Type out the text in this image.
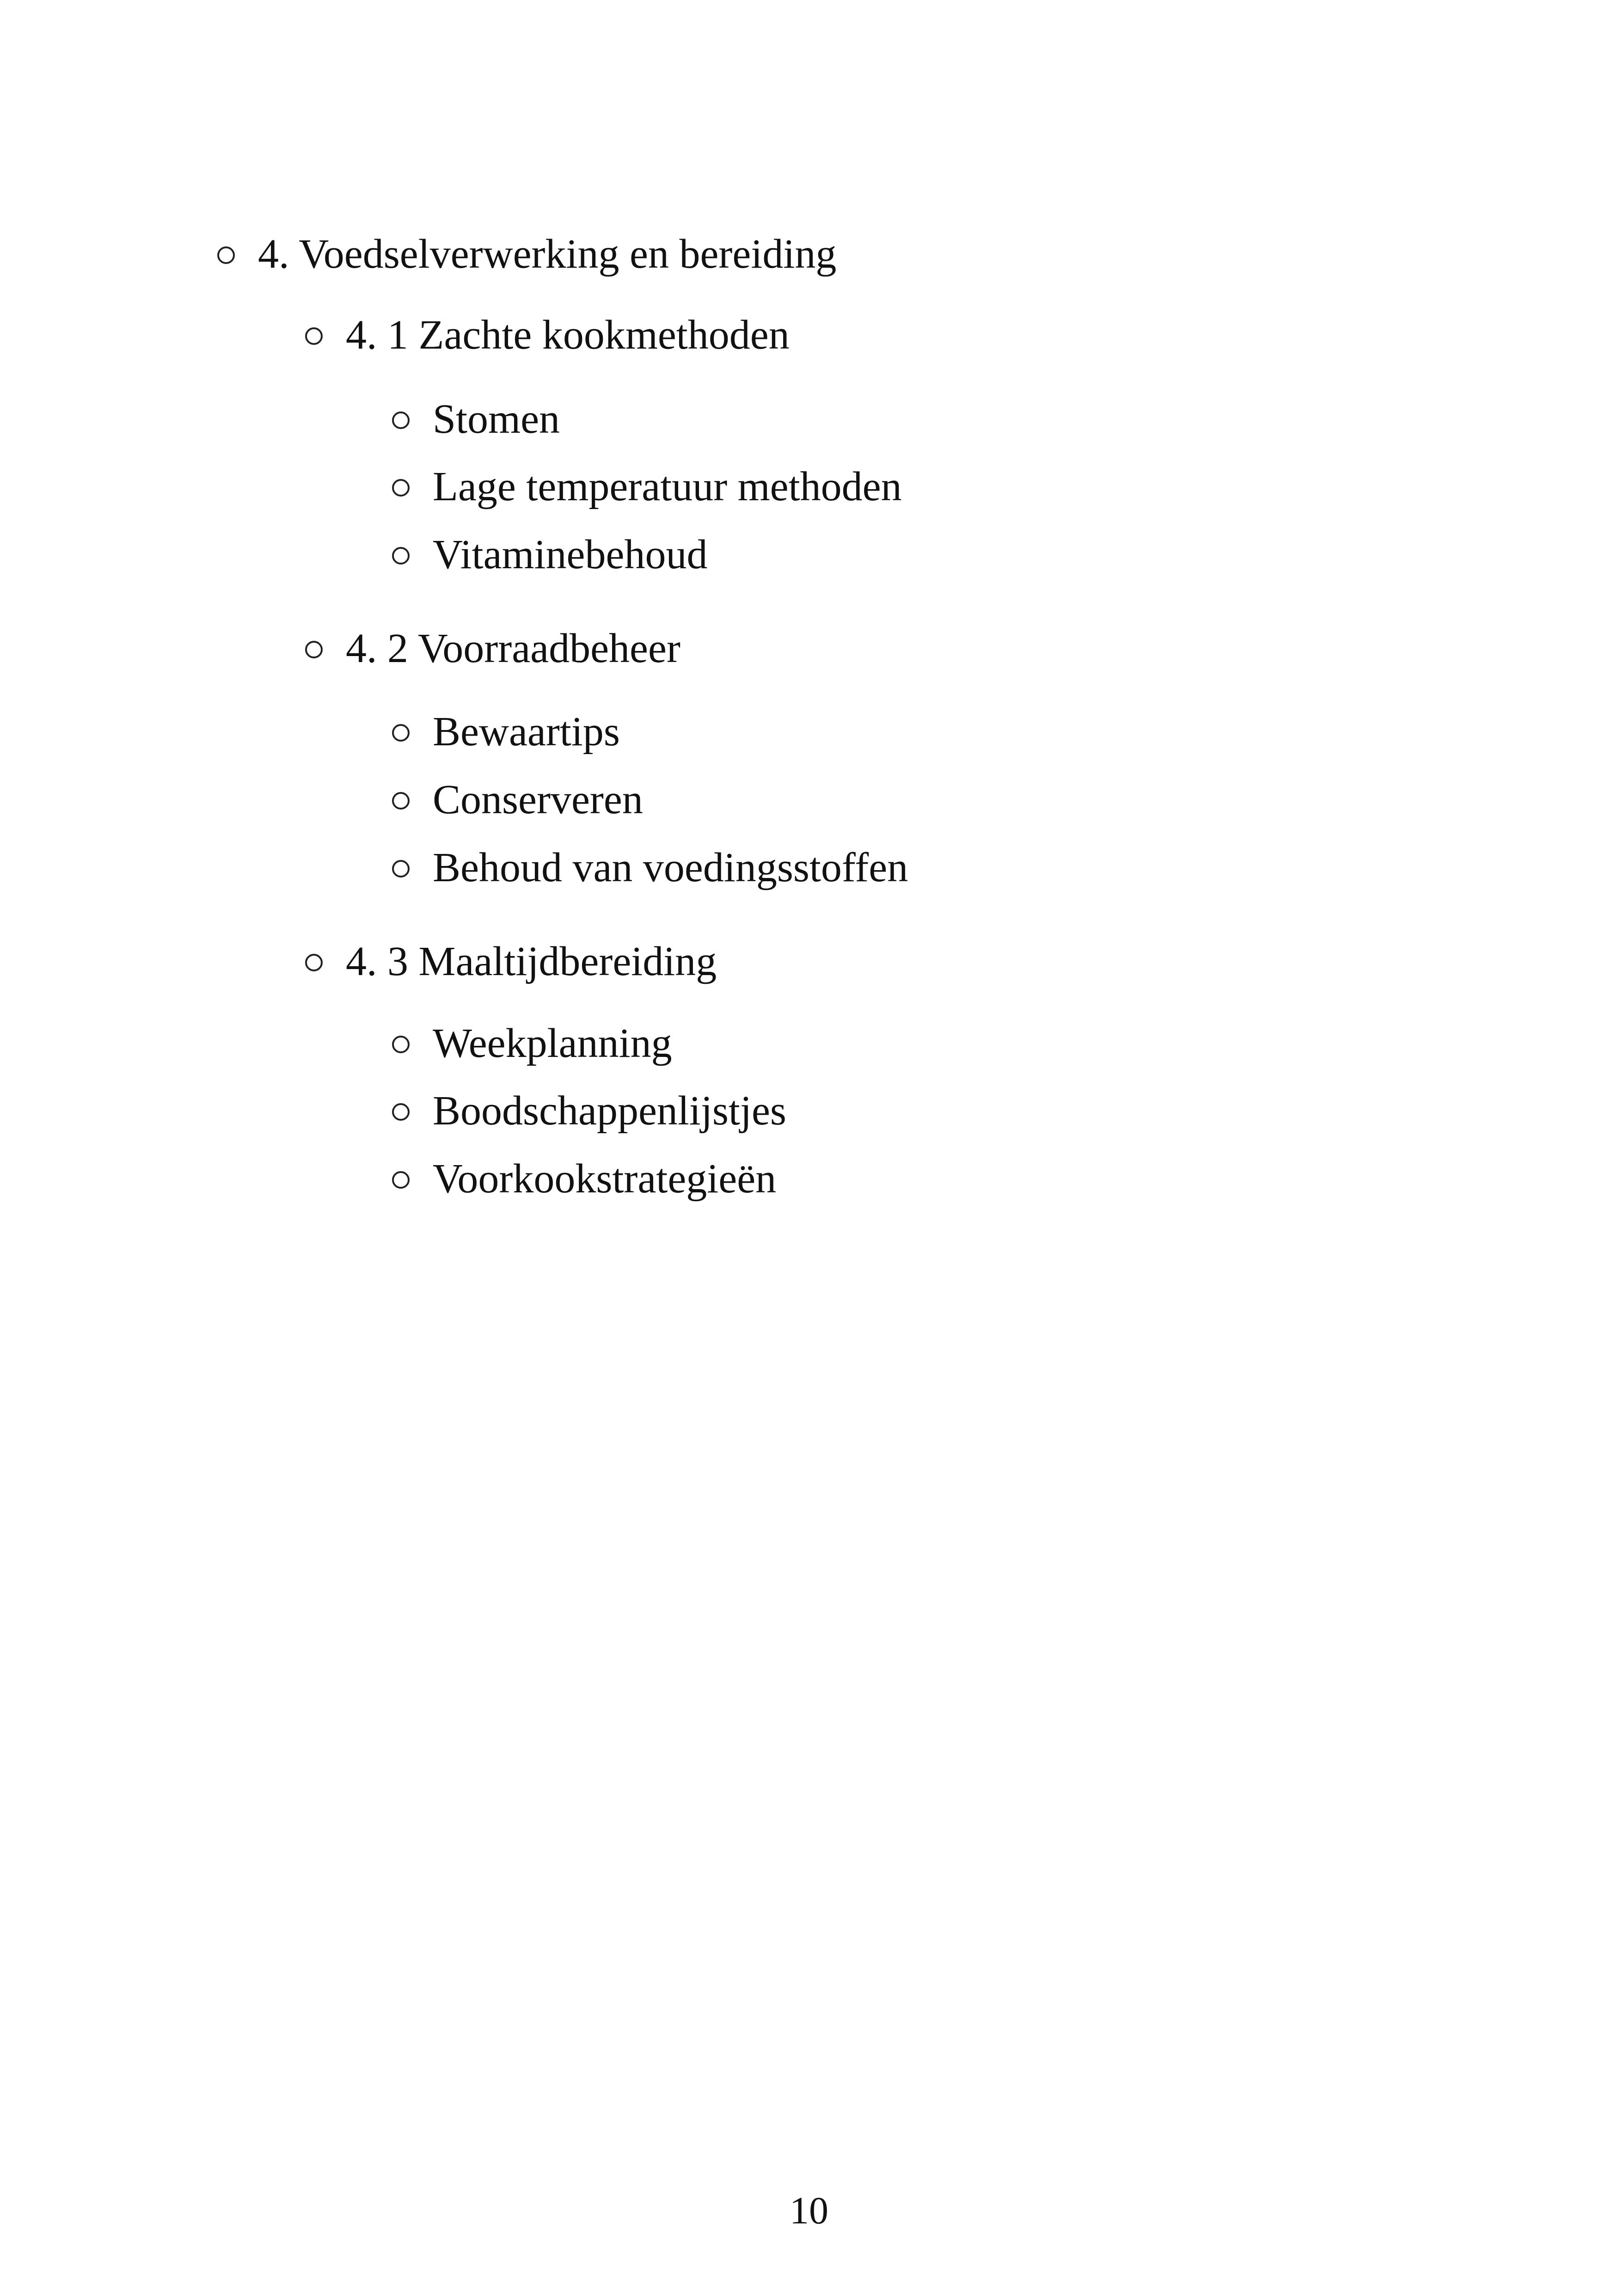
4. Voedselverwerking en bereiding
4. 1 Zachte kookmethoden
Stomen
Lage temperatuur methoden
Vitaminebehoud
4. 2 Voorraadbeheer
Bewaartips
Conserveren
Behoud van voedingsstoffen
4. 3 Maaltijdbereiding
Weekplanning
Boodschappenlijstjes
Voorkookstrategieën
10
